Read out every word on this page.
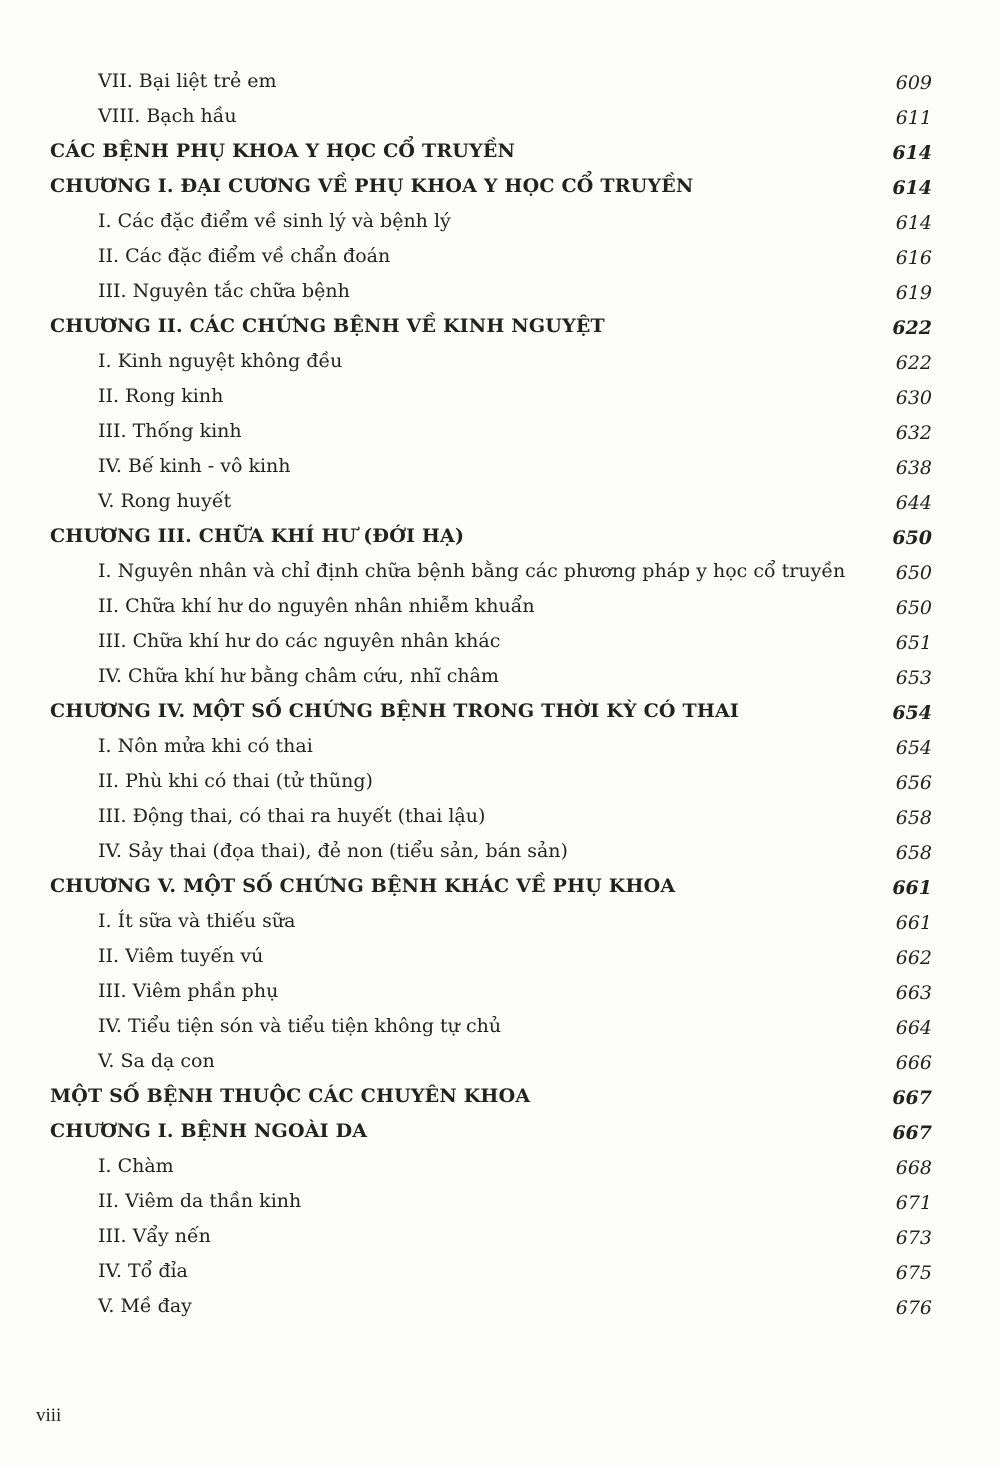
VII. Bại liệt trẻ em	609
VIII. Bạch hầu	611
CÁC BỆNH PHỤ KHOA Y HỌC CỔ TRUYỀN	614
CHƯƠNG I. ĐẠI CƯƠNG VỀ PHỤ KHOA Y HỌC CỔ TRUYỀN	614
I. Các đặc điểm về sinh lý và bệnh lý	614
II. Các đặc điểm về chẩn đoán	616
III. Nguyên tắc chữa bệnh	619
CHƯƠNG II. CÁC CHỨNG BỆNH VỀ KINH NGUYỆT	622
I. Kinh nguyệt không đều	622
II. Rong kinh	630
III. Thống kinh	632
IV. Bế kinh - vô kinh	638
V. Rong huyết	644
CHƯƠNG III. CHỮA KHÍ HƯ (ĐỚI HẠ)	650
I. Nguyên nhân và chỉ định chữa bệnh bằng các phương pháp y học cổ truyền	650
II. Chữa khí hư do nguyên nhân nhiễm khuẩn	650
III. Chữa khí hư do các nguyên nhân khác	651
IV. Chữa khí hư bằng châm cứu, nhĩ châm	653
CHƯƠNG IV. MỘT SỐ CHỨNG BỆNH TRONG THỜI KỲ CÓ THAI	654
I. Nôn mửa khi có thai	654
II. Phù khi có thai (tử thũng)	656
III. Động thai, có thai ra huyết (thai lậu)	658
IV. Sảy thai (đọa thai), đẻ non (tiểu sản, bán sản)	658
CHƯƠNG V. MỘT SỐ CHỨNG BỆNH KHÁC VỀ PHỤ KHOA	661
I. Ít sữa và thiếu sữa	661
II. Viêm tuyến vú	662
III. Viêm phần phụ	663
IV. Tiểu tiện són và tiểu tiện không tự chủ	664
V. Sa dạ con	666
MỘT SỐ BỆNH THUỘC CÁC CHUYÊN KHOA	667
CHƯƠNG I. BỆNH NGOÀI DA	667
I. Chàm	668
II. Viêm da thần kinh	671
III. Vẩy nến	673
IV. Tổ đỉa	675
V. Mề đay	676
viii
